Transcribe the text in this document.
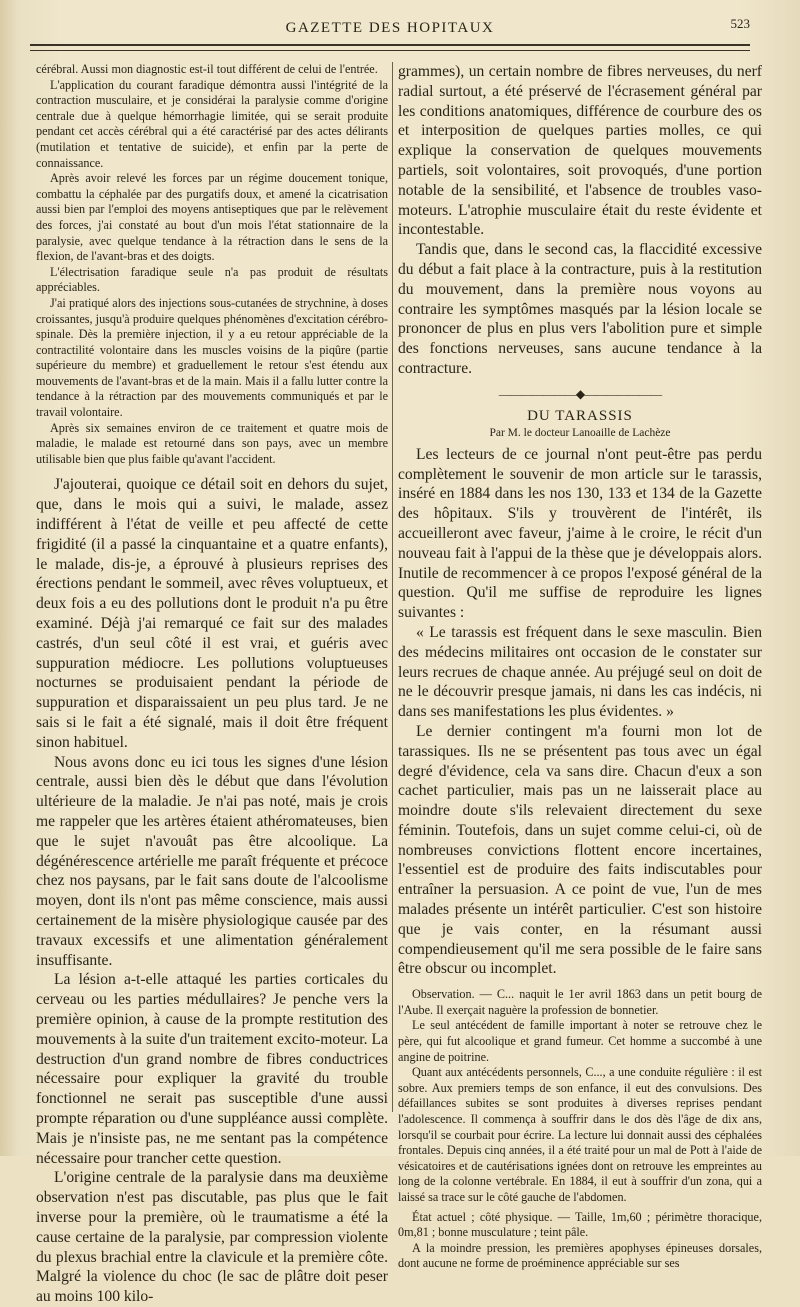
GAZETTE DES HOPITAUX	523

cérébral. Aussi mon diagnostic est-il tout différent de celui de l'entrée.

L'application du courant faradique démontra aussi l'intégrité de la contraction musculaire, et je considérai la paralysie comme d'origine centrale due à quelque hémorrhagie limitée, qui se serait produite pendant cet accès cérébral qui a été caractérisé par des actes délirants (mutilation et tentative de suicide), et enfin par la perte de connaissance.

Après avoir relevé les forces par un régime doucement tonique, combattu la céphalée par des purgatifs doux, et amené la cicatrisation aussi bien par l'emploi des moyens antiseptiques que par le relèvement des forces, j'ai constaté au bout d'un mois l'état stationnaire de la paralysie, avec quelque tendance à la rétraction dans le sens de la flexion, de l'avant-bras et des doigts.

L'électrisation faradique seule n'a pas produit de résultats appréciables.

J'ai pratiqué alors des injections sous-cutanées de strychnine, à doses croissantes, jusqu'à produire quelques phénomènes d'excitation cérébro-spinale. Dès la première injection, il y a eu retour appréciable de la contractilité volontaire dans les muscles voisins de la piqûre (partie supérieure du membre) et graduellement le retour s'est étendu aux mouvements de l'avant-bras et de la main. Mais il a fallu lutter contre la tendance à la rétraction par des mouvements communiqués et par le travail volontaire.

Après six semaines environ de ce traitement et quatre mois de maladie, le malade est retourné dans son pays, avec un membre utilisable bien que plus faible qu'avant l'accident.

J'ajouterai, quoique ce détail soit en dehors du sujet, que, dans le mois qui a suivi, le malade, assez indifférent à l'état de veille et peu affecté de cette frigidité (il a passé la cinquantaine et a quatre enfants), le malade, dis-je, a éprouvé à plusieurs reprises des érections pendant le sommeil, avec rêves voluptueux, et deux fois a eu des pollutions dont le produit n'a pu être examiné. Déjà j'ai remarqué ce fait sur des malades castrés, d'un seul côté il est vrai, et guéris avec suppuration médiocre. Les pollutions voluptueuses nocturnes se produisaient pendant la période de suppuration et disparaissaient un peu plus tard. Je ne sais si le fait a été signalé, mais il doit être fréquent sinon habituel.

Nous avons donc eu ici tous les signes d'une lésion centrale, aussi bien dès le début que dans l'évolution ultérieure de la maladie. Je n'ai pas noté, mais je crois me rappeler que les artères étaient athéromateuses, bien que le sujet n'avouât pas être alcoolique. La dégénérescence artérielle me paraît fréquente et précoce chez nos paysans, par le fait sans doute de l'alcoolisme moyen, dont ils n'ont pas même conscience, mais aussi certainement de la misère physiologique causée par des travaux excessifs et une alimentation généralement insuffisante.

La lésion a-t-elle attaqué les parties corticales du cerveau ou les parties médullaires? Je penche vers la première opinion, à cause de la prompte restitution des mouvements à la suite d'un traitement excito-moteur. La destruction d'un grand nombre de fibres conductrices nécessaire pour expliquer la gravité du trouble fonctionnel ne serait pas susceptible d'une aussi prompte réparation ou d'une suppléance aussi complète. Mais je n'insiste pas, ne me sentant pas la compétence nécessaire pour trancher cette question.

L'origine centrale de la paralysie dans ma deuxième observation n'est pas discutable, pas plus que le fait inverse pour la première, où le traumatisme a été la cause certaine de la paralysie, par compression violente du plexus brachial entre la clavicule et la première côte. Malgré la violence du choc (le sac de plâtre doit peser au moins 100 kilo-

grammes), un certain nombre de fibres nerveuses, du nerf radial surtout, a été préservé de l'écrasement général par les conditions anatomiques, différence de courbure des os et interposition de quelques parties molles, ce qui explique la conservation de quelques mouvements partiels, soit volontaires, soit provoqués, d'une portion notable de la sensibilité, et l'absence de troubles vaso-moteurs. L'atrophie musculaire était du reste évidente et incontestable.

Tandis que, dans le second cas, la flaccidité excessive du début a fait place à la contracture, puis à la restitution du mouvement, dans la première nous voyons au contraire les symptômes masqués par la lésion locale se prononcer de plus en plus vers l'abolition pure et simple des fonctions nerveuses, sans aucune tendance à la contracture.

———————◆———————
DU TARASSIS
Par M. le docteur Lanoaille de Lachèze

Les lecteurs de ce journal n'ont peut-être pas perdu complètement le souvenir de mon article sur le tarassis, inséré en 1884 dans les nos 130, 133 et 134 de la Gazette des hôpitaux. S'ils y trouvèrent de l'intérêt, ils accueilleront avec faveur, j'aime à le croire, le récit d'un nouveau fait à l'appui de la thèse que je développais alors. Inutile de recommencer à ce propos l'exposé général de la question. Qu'il me suffise de reproduire les lignes suivantes :

« Le tarassis est fréquent dans le sexe masculin. Bien des médecins militaires ont occasion de le constater sur leurs recrues de chaque année. Au préjugé seul on doit de ne le découvrir presque jamais, ni dans les cas indécis, ni dans ses manifestations les plus évidentes. »

Le dernier contingent m'a fourni mon lot de tarassiques. Ils ne se présentent pas tous avec un égal degré d'évidence, cela va sans dire. Chacun d'eux a son cachet particulier, mais pas un ne laisserait place au moindre doute s'ils relevaient directement du sexe féminin. Toutefois, dans un sujet comme celui-ci, où de nombreuses convictions flottent encore incertaines, l'essentiel est de produire des faits indiscutables pour entraîner la persuasion. A ce point de vue, l'un de mes malades présente un intérêt particulier. C'est son histoire que je vais conter, en la résumant aussi compendieusement qu'il me sera possible de le faire sans être obscur ou incomplet.

Observation. — C... naquit le 1er avril 1863 dans un petit bourg de l'Aube. Il exerçait naguère la profession de bonnetier.

Le seul antécédent de famille important à noter se retrouve chez le père, qui fut alcoolique et grand fumeur. Cet homme a succombé à une angine de poitrine.

Quant aux antécédents personnels, C..., a une conduite régulière : il est sobre. Aux premiers temps de son enfance, il eut des convulsions. Des défaillances subites se sont produites à diverses reprises pendant l'adolescence. Il commença à souffrir dans le dos dès l'âge de dix ans, lorsqu'il se courbait pour écrire. La lecture lui donnait aussi des céphalées frontales. Depuis cinq années, il a été traité pour un mal de Pott à l'aide de vésicatoires et de cautérisations ignées dont on retrouve les empreintes au long de la colonne vertébrale. En 1884, il eut à souffrir d'un zona, qui a laissé sa trace sur le côté gauche de l'abdomen.

État actuel ; côté physique. — Taille, 1m,60 ; périmètre thoracique, 0m,81 ; bonne musculature ; teint pâle.

A la moindre pression, les premières apophyses épineuses dorsales, dont aucune ne forme de proéminence appréciable sur ses
